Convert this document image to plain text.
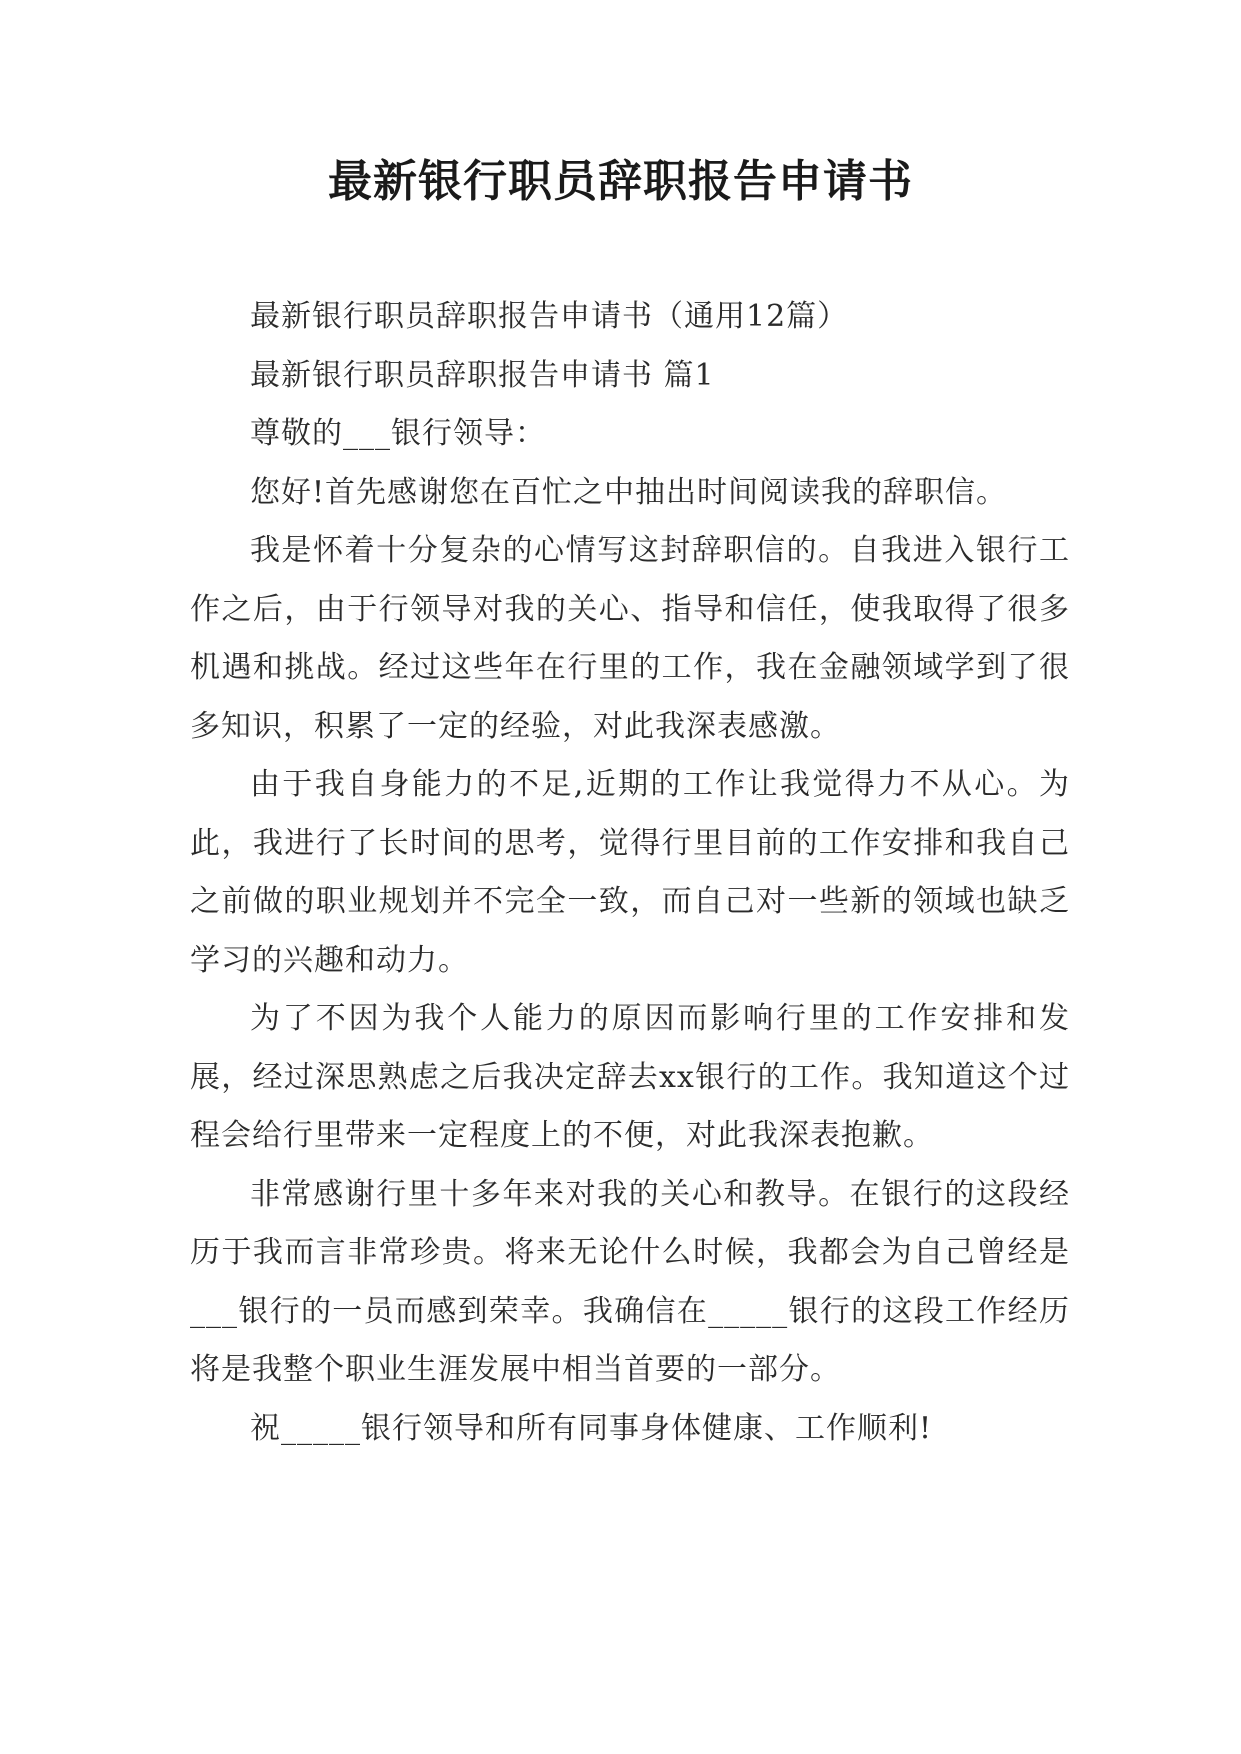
最新银行职员辞职报告申请书

最新银行职员辞职报告申请书（通用12篇）

最新银行职员辞职报告申请书 篇1

尊敬的___银行领导：

您好!首先感谢您在百忙之中抽出时间阅读我的辞职信。

我是怀着十分复杂的心情写这封辞职信的。自我进入银行工作之后，由于行领导对我的关心、指导和信任，使我取得了很多机遇和挑战。经过这些年在行里的工作，我在金融领域学到了很多知识，积累了一定的经验，对此我深表感激。

由于我自身能力的不足,近期的工作让我觉得力不从心。为此，我进行了长时间的思考，觉得行里目前的工作安排和我自己之前做的职业规划并不完全一致，而自己对一些新的领域也缺乏学习的兴趣和动力。

为了不因为我个人能力的原因而影响行里的工作安排和发展，经过深思熟虑之后我决定辞去xx银行的工作。我知道这个过程会给行里带来一定程度上的不便，对此我深表抱歉。

非常感谢行里十多年来对我的关心和教导。在银行的这段经历于我而言非常珍贵。将来无论什么时候，我都会为自己曾经是___银行的一员而感到荣幸。我确信在_____银行的这段工作经历将是我整个职业生涯发展中相当首要的一部分。

祝_____银行领导和所有同事身体健康、工作顺利!
